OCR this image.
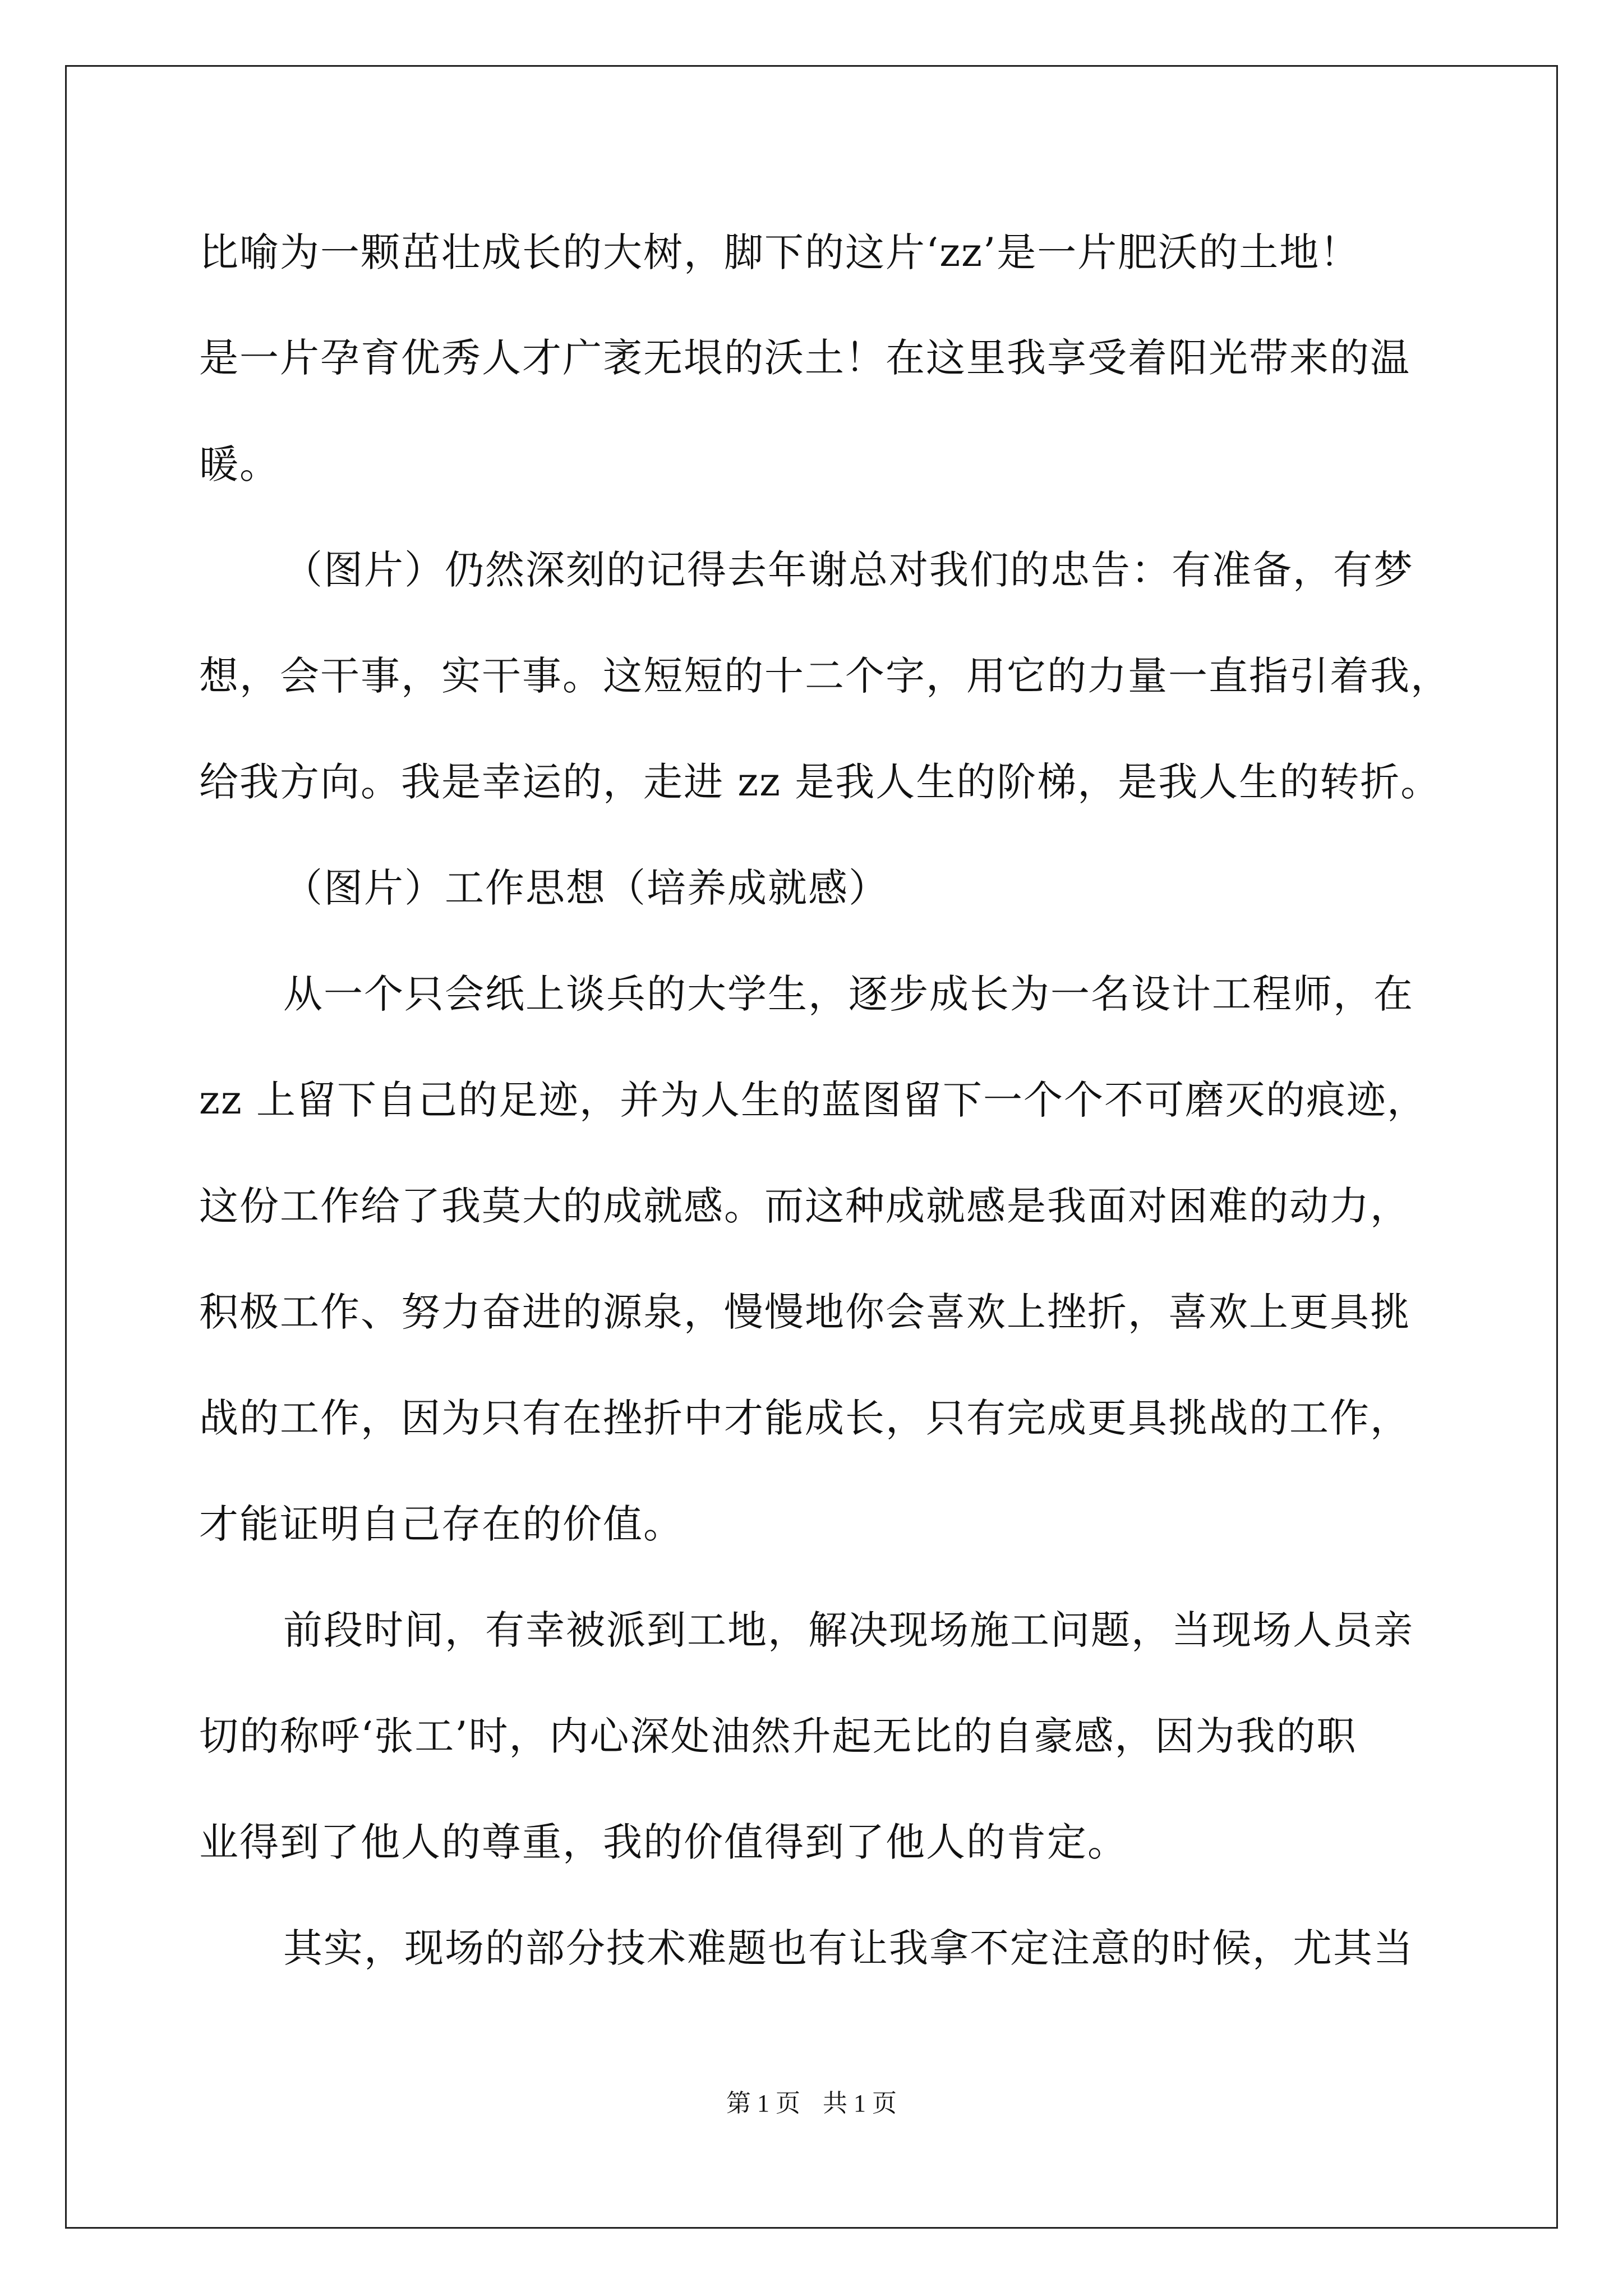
比喻为一颗茁壮成长的大树，脚下的这片‘zz’是一片肥沃的土地！
是一片孕育优秀人才广袤无垠的沃土！在这里我享受着阳光带来的温
暖。
（图片）仍然深刻的记得去年谢总对我们的忠告：有准备，有梦
想，会干事，实干事。这短短的十二个字，用它的力量一直指引着我，
给我方向。我是幸运的，走进 zz 是我人生的阶梯，是我人生的转折。
（图片）工作思想（培养成就感）
从一个只会纸上谈兵的大学生，逐步成长为一名设计工程师，在
zz 上留下自己的足迹，并为人生的蓝图留下一个个不可磨灭的痕迹，
这份工作给了我莫大的成就感。而这种成就感是我面对困难的动力，
积极工作、努力奋进的源泉，慢慢地你会喜欢上挫折，喜欢上更具挑
战的工作，因为只有在挫折中才能成长，只有完成更具挑战的工作，
才能证明自己存在的价值。
前段时间，有幸被派到工地，解决现场施工问题，当现场人员亲
切的称呼‘张工’时，内心深处油然升起无比的自豪感，因为我的职
业得到了他人的尊重，我的价值得到了他人的肯定。
其实，现场的部分技术难题也有让我拿不定注意的时候，尤其当
第 1 页 共 1 页
